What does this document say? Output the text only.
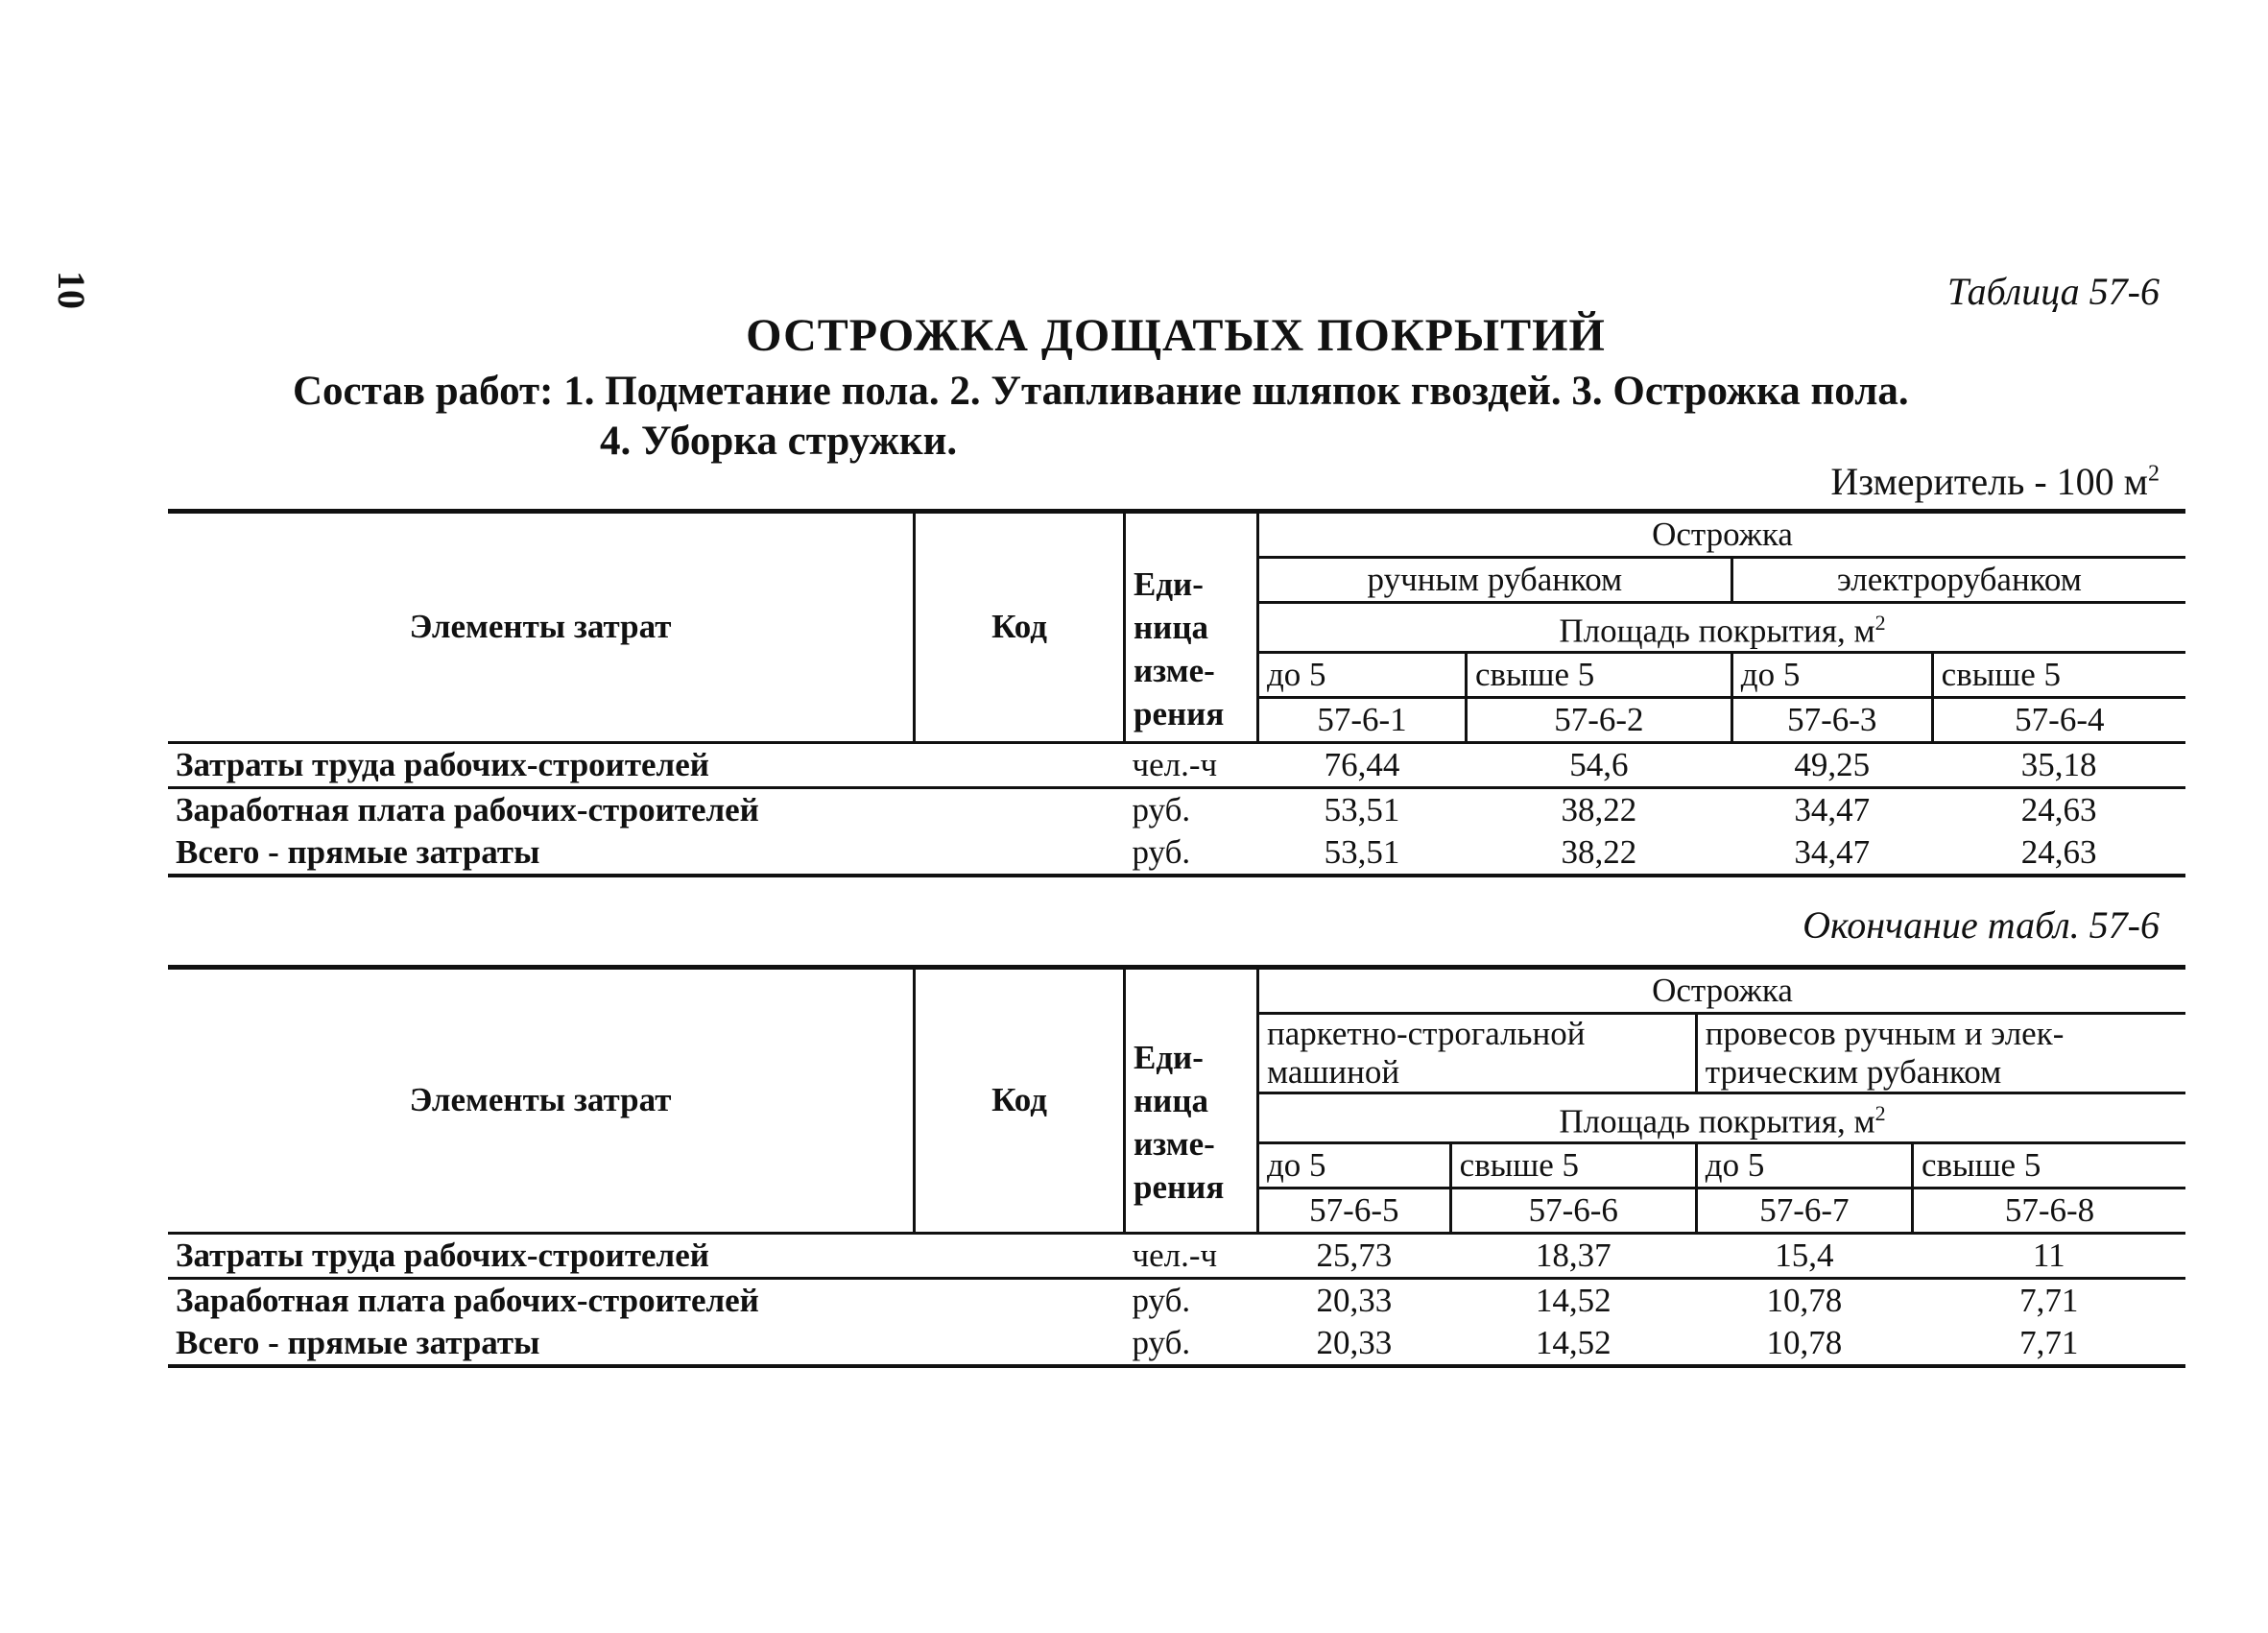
10	Таблица 57-6
ОСТРОЖКА ДОЩАТЫХ ПОКРЫТИЙ
Состав работ: 1. Подметание пола. 2. Утапливание шляпок гвоздей. 3. Острожка пола.
4. Уборка стружки.
Измеритель - 100 $м^2$
Элементы затрат	Код	Еди-
ница
изме-
рения	Острожка			
			ручным рубанком		электрорубанком	
			Площадь покрытия, $м^2$
			до 5	свыше 5	до 5	свыше 5
			57-6-1	57-6-2	57-6-3	57-6-4
Затраты труда рабочих-строителей		чел.-ч	76,44	54,6	49,25	35,18
Заработная плата рабочих-строителей		руб.	53,51	38,22	34,47	24,63
Всего - прямые затраты		руб.	53,51	38,22	34,47	24,63
Окончание табл. 57-6
Элементы затрат	Код	Еди-
ница
изме-
рения	Острожка			
			паркетно-строгальной
машиной		провесов ручным и элек-
трическим рубанком	
			Площадь покрытия, $м^2$
			до 5	свыше 5	до 5	свыше 5
			57-6-5	57-6-6	57-6-7	57-6-8
Затраты труда рабочих-строителей		чел.-ч	25,73	18,37	15,4	11
Заработная плата рабочих-строителей		руб.	20,33	14,52	10,78	7,71
Всего - прямые затраты		руб.	20,33	14,52	10,78	7,71
